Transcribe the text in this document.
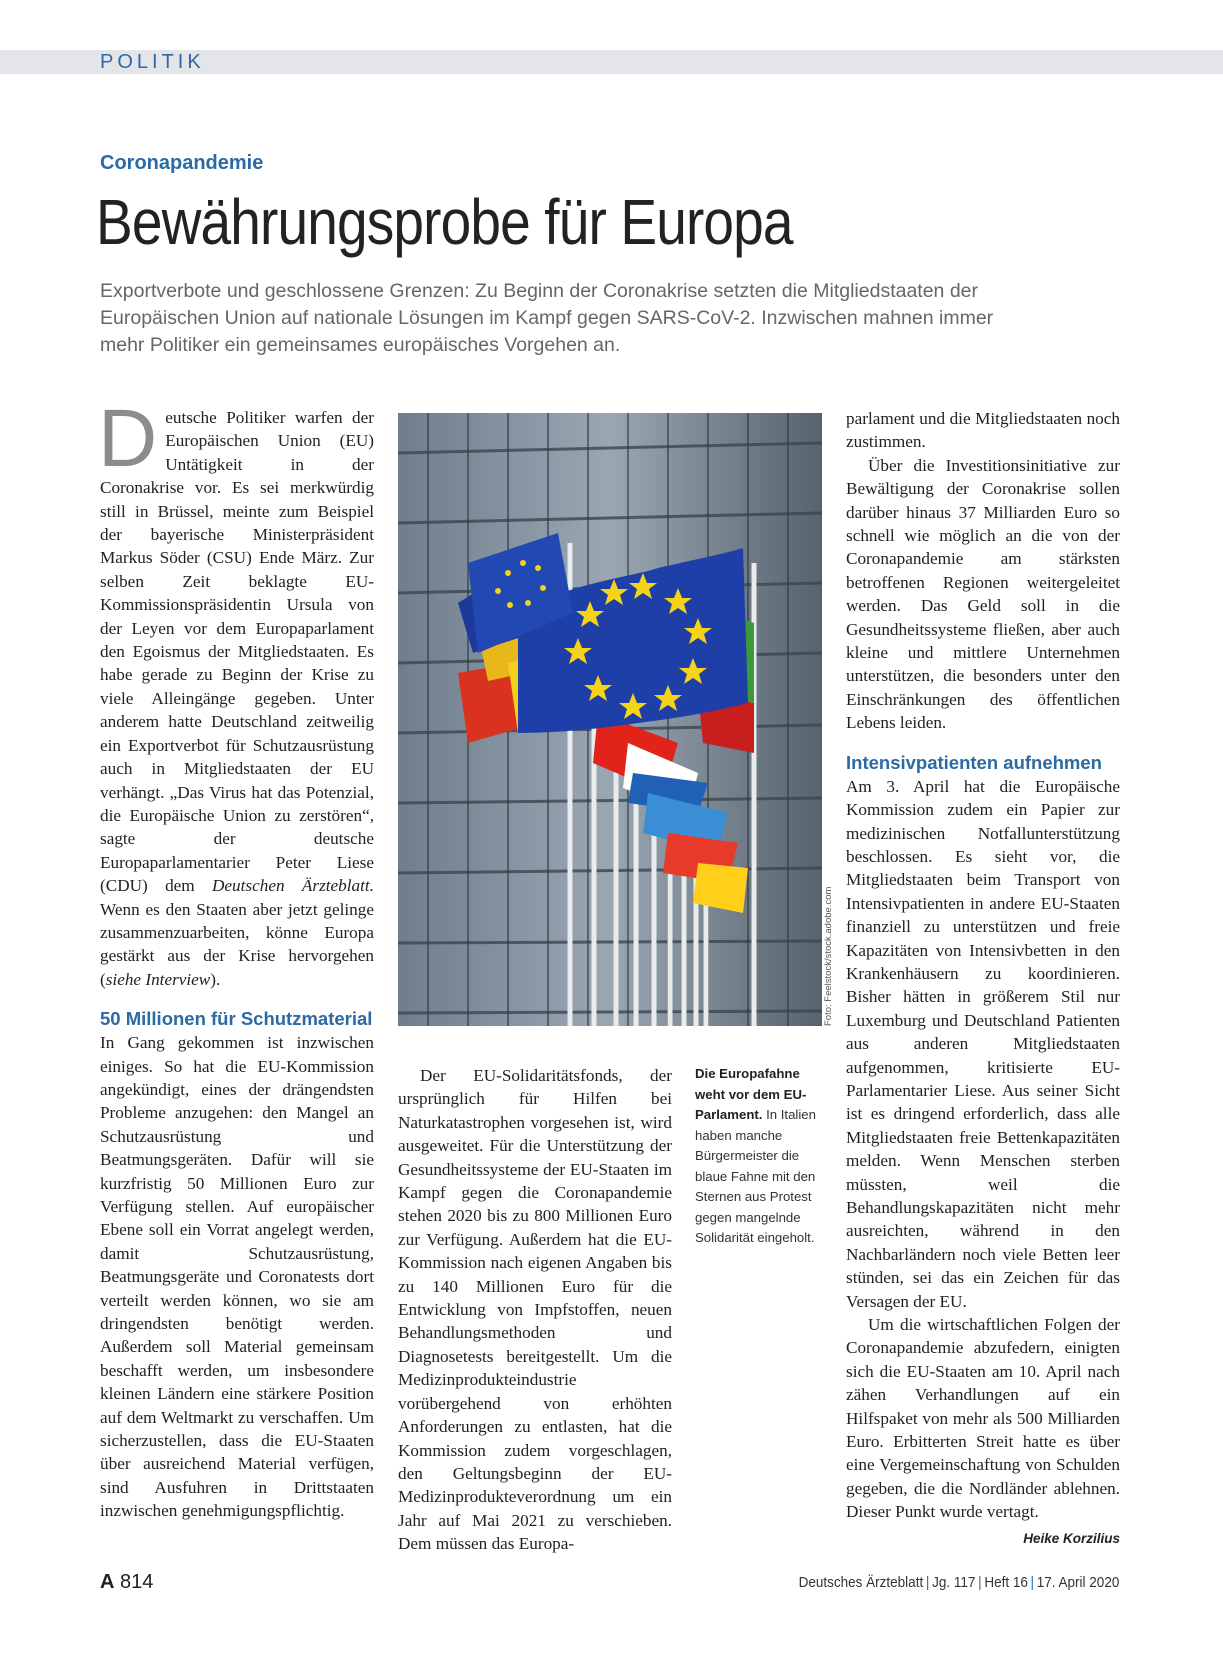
POLITIK
Coronapandemie
Bewährungsprobe für Europa
Exportverbote und geschlossene Grenzen: Zu Beginn der Coronakrise setzten die Mitgliedstaaten der Europäischen Union auf nationale Lösungen im Kampf gegen SARS-CoV-2. Inzwischen mahnen immer mehr Politiker ein gemeinsames europäisches Vorgehen an.

Deutsche Politiker warfen der Europäischen Union (EU) Untätigkeit in der Coronakrise vor. Es sei merkwürdig still in Brüssel, meinte zum Beispiel der bayerische Ministerpräsident Markus Söder (CSU) Ende März. Zur selben Zeit beklagte EU-Kommissionspräsidentin Ursula von der Leyen vor dem Europaparlament den Egoismus der Mitgliedstaaten. Es habe gerade zu Beginn der Krise zu viele Alleingänge gegeben. Unter anderem hatte Deutschland zeitweilig ein Exportverbot für Schutzausrüstung auch in Mitgliedstaaten der EU verhängt. „Das Virus hat das Potenzial, die Europäische Union zu zerstören“, sagte der deutsche Europaparlamentarier Peter Liese (CDU) dem Deutschen Ärzteblatt. Wenn es den Staaten aber jetzt gelinge zusammenzuarbeiten, könne Europa gestärkt aus der Krise hervorgehen (siehe Interview).

50 Millionen für Schutzmaterial

In Gang gekommen ist inzwischen einiges. So hat die EU-Kommission angekündigt, eines der drängendsten Probleme anzugehen: den Mangel an Schutzausrüstung und Beatmungsgeräten. Dafür will sie kurzfristig 50 Millionen Euro zur Verfügung stellen. Auf europäischer Ebene soll ein Vorrat angelegt werden, damit Schutzausrüstung, Beatmungsgeräte und Coronatests dort verteilt werden können, wo sie am dringendsten benötigt werden. Außerdem soll Material gemeinsam beschafft werden, um insbesondere kleinen Ländern eine stärkere Position auf dem Weltmarkt zu verschaffen. Um sicherzustellen, dass die EU-Staaten über ausreichend Material verfügen, sind Ausfuhren in Drittstaaten inzwischen genehmigungspflichtig.

Foto: Feelstock/stock.adobe.com
Die Europafahne weht vor dem EU-Parlament. In Italien haben manche Bürgermeister die blaue Fahne mit den Sternen aus Protest gegen mangelnde Solidarität eingeholt.

Der EU-Solidaritätsfonds, der ursprünglich für Hilfen bei Naturkatastrophen vorgesehen ist, wird ausgeweitet. Für die Unterstützung der Gesundheitssysteme der EU-Staaten im Kampf gegen die Coronapandemie stehen 2020 bis zu 800 Millionen Euro zur Verfügung. Außerdem hat die EU-Kommission nach eigenen Angaben bis zu 140 Millionen Euro für die Entwicklung von Impfstoffen, neuen Behandlungsmethoden und Diagnosetests bereitgestellt. Um die Medizinprodukteindustrie vorübergehend von erhöhten Anforderungen zu entlasten, hat die Kommission zudem vorgeschlagen, den Geltungsbeginn der EU-Medizinprodukteverordnung um ein Jahr auf Mai 2021 zu verschieben. Dem müssen das Europa-

parlament und die Mitgliedstaaten noch zustimmen.

Über die Investitionsinitiative zur Bewältigung der Coronakrise sollen darüber hinaus 37 Milliarden Euro so schnell wie möglich an die von der Coronapandemie am stärksten betroffenen Regionen weitergeleitet werden. Das Geld soll in die Gesundheitssysteme fließen, aber auch kleine und mittlere Unternehmen unterstützen, die besonders unter den Einschränkungen des öffentlichen Lebens leiden.

Intensivpatienten aufnehmen

Am 3. April hat die Europäische Kommission zudem ein Papier zur medizinischen Notfallunterstützung beschlossen. Es sieht vor, die Mitgliedstaaten beim Transport von Intensivpatienten in andere EU-Staaten finanziell zu unterstützen und freie Kapazitäten von Intensivbetten in den Krankenhäusern zu koordinieren. Bisher hätten in größerem Stil nur Luxemburg und Deutschland Patienten aus anderen Mitgliedstaaten aufgenommen, kritisierte EU-Parlamentarier Liese. Aus seiner Sicht ist es dringend erforderlich, dass alle Mitgliedstaaten freie Bettenkapazitäten melden. Wenn Menschen sterben müssten, weil die Behandlungskapazitäten nicht mehr ausreichten, während in den Nachbarländern noch viele Betten leer stünden, sei das ein Zeichen für das Versagen der EU.

Um die wirtschaftlichen Folgen der Coronapandemie abzufedern, einigten sich die EU-Staaten am 10. April nach zähen Verhandlungen auf ein Hilfspaket von mehr als 500 Milliarden Euro. Erbitterten Streit hatte es über eine Vergemeinschaftung von Schulden gegeben, die die Nordländer ablehnen. Dieser Punkt wurde vertagt.
Heike Korzilius

A 814	Deutsches Ärzteblatt | Jg. 117 | Heft 16 | 17. April 2020
